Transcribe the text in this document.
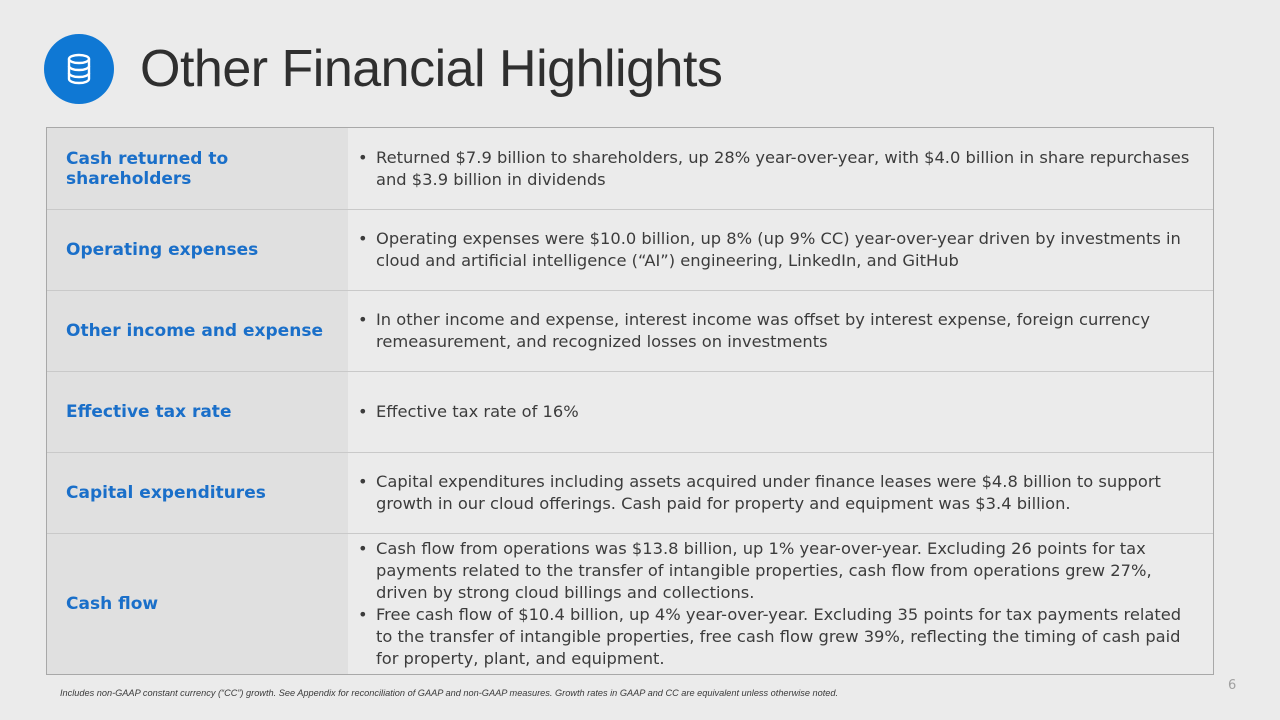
Other Financial Highlights
Cash returned to shareholders
• Returned $7.9 billion to shareholders, up 28% year-over-year, with $4.0 billion in share repurchases and $3.9 billion in dividends
Operating expenses
• Operating expenses were $10.0 billion, up 8% (up 9% CC) year-over-year driven by investments in cloud and artificial intelligence (“AI”) engineering, LinkedIn, and GitHub
Other income and expense
• In other income and expense, interest income was offset by interest expense, foreign currency remeasurement, and recognized losses on investments
Effective tax rate	• Effective tax rate of 16%
Capital expenditures
• Capital expenditures including assets acquired under finance leases were $4.8 billion to support growth in our cloud offerings. Cash paid for property and equipment was $3.4 billion.
Cash flow
• Cash flow from operations was $13.8 billion, up 1% year-over-year. Excluding 26 points for tax payments related to the transfer of intangible properties, cash flow from operations grew 27%, driven by strong cloud billings and collections.
• Free cash flow of $10.4 billion, up 4% year-over-year. Excluding 35 points for tax payments related to the transfer of intangible properties, free cash flow grew 39%, reflecting the timing of cash paid for property, plant, and equipment.
Includes non-GAAP constant currency (“CC”) growth. See Appendix for reconciliation of GAAP and non-GAAP measures. Growth rates in GAAP and CC are equivalent unless otherwise noted.	6
